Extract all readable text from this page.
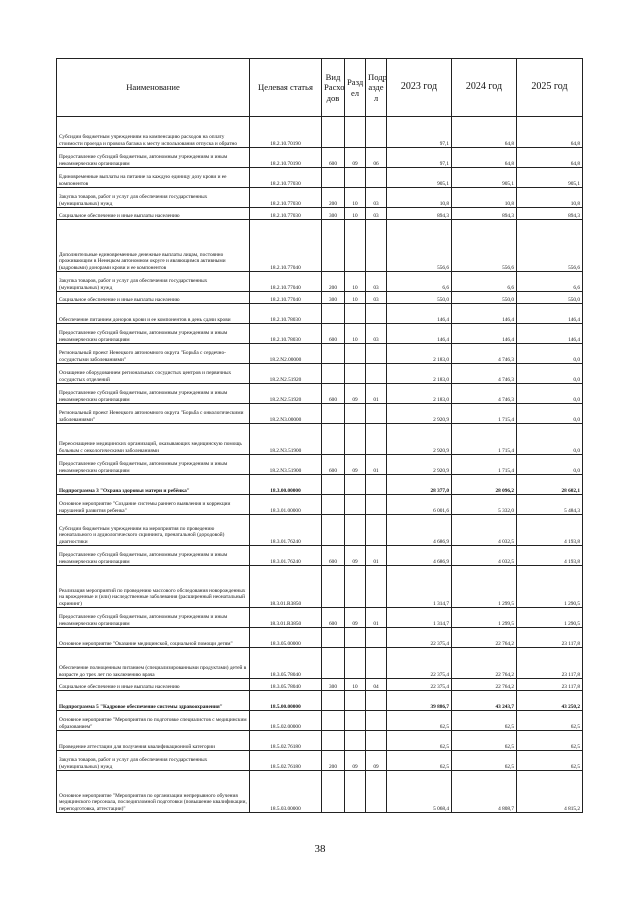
Наименование	Целевая статья	Вид Расхо дов	Разд ел	Подр азде л	2023 год	2024 год	2025 год
Субсидии бюджетным учреждениям на компенсацию расходов на оплату стоимости проезда и провоза багажа к месту использования отпуска и обратно	18.2.10.70190				97,1	64,8	64,8
Предоставление субсидий бюджетным, автономным учреждениям и иным некоммерческим организациям	18.2.10.70190	600	09	06	97,1	64,8	64,8
Единовременные выплаты на питание за каждую единицу дозу крови и ее компонентов	18.2.10.77030				905,1	905,1	905,1
Закупка товаров, работ и услуг для обеспечения государственных (муниципальных) нужд	18.2.10.77030	200	10	03	10,8	10,8	10,8
Социальное обеспечение и иные выплаты населению	18.2.10.77030	300	10	03	894,3	894,3	894,3
Дополнительные единовременные денежные выплаты лицам, постоянно проживающим в Ненецком автономном округе и являющимся активными (кадровыми) донорами крови и ее компонентов	18.2.10.77040				556,6	556,6	556,6
Закупка товаров, работ и услуг для обеспечения государственных (муниципальных) нужд	18.2.10.77040	200	10	03	6,6	6,6	6,6
Социальное обеспечение и иные выплаты населению	18.2.10.77040	300	10	03	550,0	550,0	550,0
Обеспечение питанием доноров крови и ее компонентов в день сдачи крови	18.2.10.78030				146,4	146,4	146,4
Предоставление субсидий бюджетным, автономным учреждениям и иным некоммерческим организациям	18.2.10.78030	600	10	03	146,4	146,4	146,4
Региональный проект Ненецкого автономного округа "Борьба с сердечно-сосудистыми заболеваниями"	18.2.N2.00000				2 183,0	4 746,3	0,0
Оснащение оборудованием региональных сосудистых центров и первичных сосудистых отделений	18.2.N2.51920				2 183,0	4 746,3	0,0
Предоставление субсидий бюджетным, автономным учреждениям и иным некоммерческим организациям	18.2.N2.51920	600	09	01	2 183,0	4 746,3	0,0
Региональный проект Ненецкого автономного округа "Борьба с онкологическими заболеваниями"	18.2.N3.00000				2 920,9	1 715,4	0,0
Переоснащение медицинских организаций, оказывающих медицинскую помощь больным с онкологическими заболеваниями	18.2.N3.51900				2 920,9	1 715,4	0,0
Предоставление субсидий бюджетным, автономным учреждениям и иным некоммерческим организациям	18.2.N3.51900	600	09	01	2 920,9	1 715,4	0,0
Подпрограмма 3 "Охрана здоровья матери и ребёнка"	18.3.00.00000				28 377,0	28 096,2	28 602,1
Основное мероприятие "Создание системы раннего выявления и коррекции нарушений развития ребенка"	18.3.01.00000				6 001,6	5 332,0	5 484,3
Субсидии бюджетным учреждениям на мероприятия по проведению неонатального и аудиологического скрининга, пренатальной (дородовой) диагностики	18.3.01.76240				4 686,9	4 032,5	4 193,8
Предоставление субсидий бюджетным, автономным учреждениям и иным некоммерческим организациям	18.3.01.76240	600	09	01	4 686,9	4 032,5	4 193,8
Реализация мероприятий по проведению массового обследования новорожденных на врожденные и (или) наследственные заболевания (расширенный неонатальный скрининг)	18.3.01.R3850				1 314,7	1 299,5	1 290,5
Предоставление субсидий бюджетным, автономным учреждениям и иным некоммерческим организациям	18.3.01.R3850	600	09	01	1 314,7	1 299,5	1 290,5
Основное мероприятие "Оказание медицинской, социальной помощи детям"	18.3.05.00000				22 375,4	22 764,2	23 117,8
Обеспечение полноценным питанием (специализированными продуктами) детей в возрасте до трех лет по заключению врача	18.3.05.78040				22 375,4	22 764,2	23 117,8
Социальное обеспечение и иные выплаты населению	18.3.05.78040	300	10	04	22 375,4	22 764,2	23 117,8
Подпрограмма 5 "Кадровое обеспечение системы здравоохранения"	18.5.00.00000				39 886,7	43 243,7	43 250,2
Основное мероприятие "Мероприятия по подготовке специалистов с медицинским образованием"	18.5.02.00000				62,5	62,5	62,5
Проведение аттестации для получения квалификационной категории	18.5.02.76180				62,5	62,5	62,5
Закупка товаров, работ и услуг для обеспечения государственных (муниципальных) нужд	18.5.02.76180	200	09	09	62,5	62,5	62,5
Основное мероприятие "Мероприятия по организации непрерывного обучения медицинского персонала, последипломной подготовки (повышение квалификации, переподготовка, аттестации)"	18.5.03.00000				5 068,4	4 808,7	4 815,2
38
